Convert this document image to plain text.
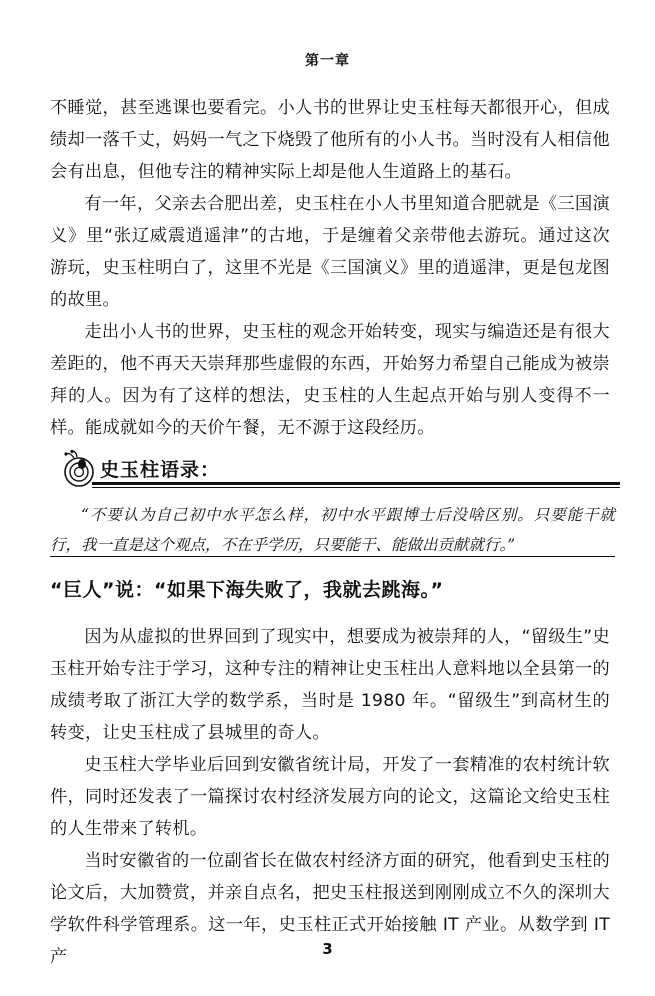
第一章

不睡觉，甚至逃课也要看完。小人书的世界让史玉柱每天都很开心，但成绩却一落千丈，妈妈一气之下烧毁了他所有的小人书。当时没有人相信他会有出息，但他专注的精神实际上却是他人生道路上的基石。

有一年，父亲去合肥出差，史玉柱在小人书里知道合肥就是《三国演义》里“张辽威震逍遥津”的古地，于是缠着父亲带他去游玩。通过这次游玩，史玉柱明白了，这里不光是《三国演义》里的逍遥津，更是包龙图的故里。

走出小人书的世界，史玉柱的观念开始转变，现实与编造还是有很大差距的，他不再天天崇拜那些虚假的东西，开始努力希望自己能成为被崇拜的人。因为有了这样的想法，史玉柱的人生起点开始与别人变得不一样。能成就如今的天价午餐，无不源于这段经历。

史玉柱语录：

“不要认为自己初中水平怎么样，初中水平跟博士后没啥区别。只要能干就行，我一直是这个观点，不在乎学历，只要能干、能做出贡献就行。”

“巨人”说：“如果下海失败了，我就去跳海。”

因为从虚拟的世界回到了现实中，想要成为被崇拜的人，“留级生”史玉柱开始专注于学习，这种专注的精神让史玉柱出人意料地以全县第一的成绩考取了浙江大学的数学系，当时是 1980 年。“留级生”到高材生的转变，让史玉柱成了县城里的奇人。

史玉柱大学毕业后回到安徽省统计局，开发了一套精准的农村统计软件，同时还发表了一篇探讨农村经济发展方向的论文，这篇论文给史玉柱的人生带来了转机。

当时安徽省的一位副省长在做农村经济方面的研究，他看到史玉柱的论文后，大加赞赏，并亲自点名，把史玉柱报送到刚刚成立不久的深圳大学软件科学管理系。这一年，史玉柱正式开始接触 IT 产业。从数学到 IT 产	3
